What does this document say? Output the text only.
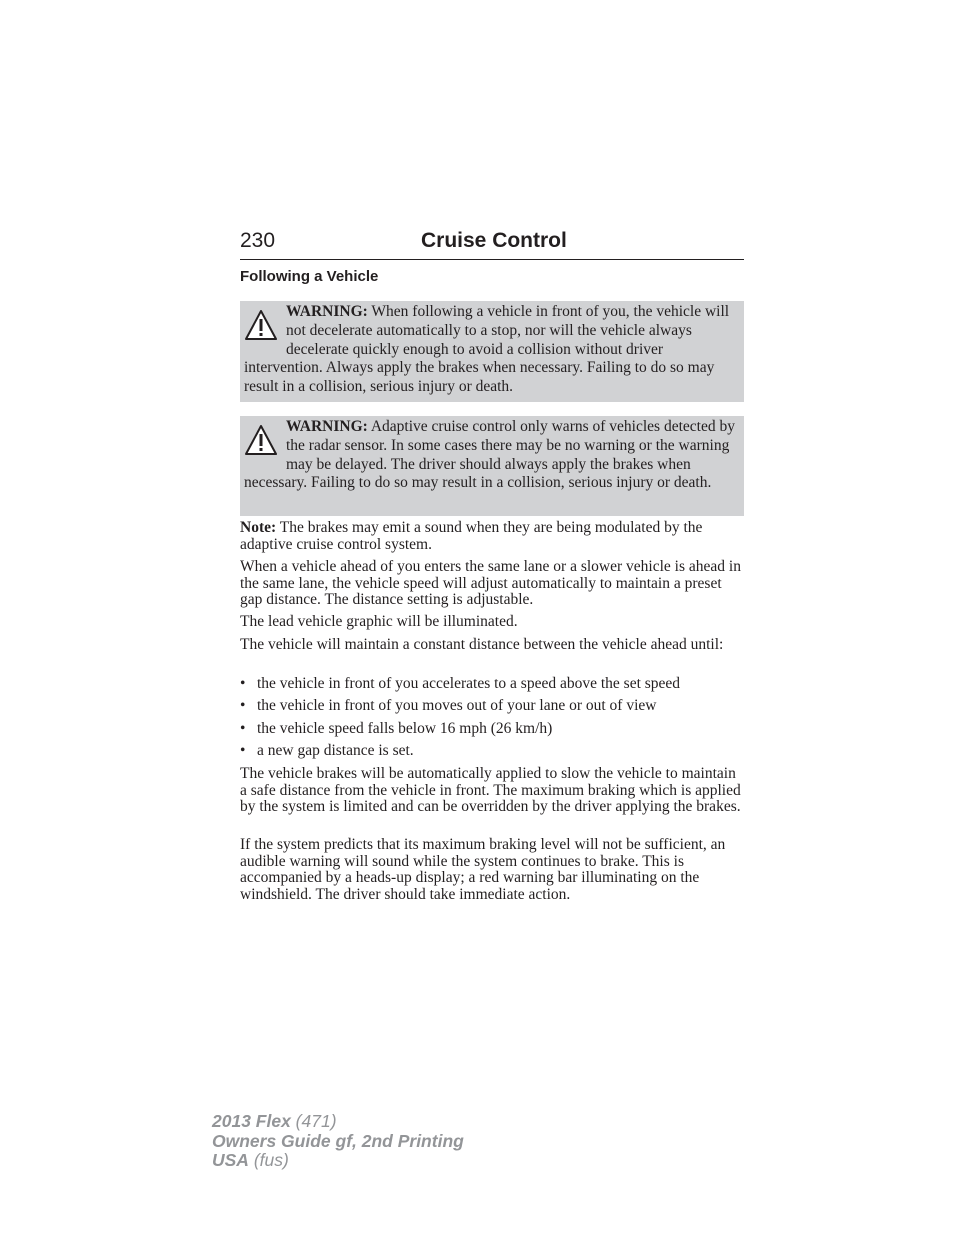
230	Cruise Control
Following a Vehicle

WARNING: When following a vehicle in front of you, the vehicle will not decelerate automatically to a stop, nor will the vehicle always decelerate quickly enough to avoid a collision without driver intervention. Always apply the brakes when necessary. Failing to do so may result in a collision, serious injury or death.

WARNING: Adaptive cruise control only warns of vehicles detected by the radar sensor. In some cases there may be no warning or the warning may be delayed. The driver should always apply the brakes when necessary. Failing to do so may result in a collision, serious injury or death.

Note: The brakes may emit a sound when they are being modulated by the adaptive cruise control system.

When a vehicle ahead of you enters the same lane or a slower vehicle is ahead in the same lane, the vehicle speed will adjust automatically to maintain a preset gap distance. The distance setting is adjustable.

The lead vehicle graphic will be illuminated.

The vehicle will maintain a constant distance between the vehicle ahead until:

• the vehicle in front of you accelerates to a speed above the set speed
• the vehicle in front of you moves out of your lane or out of view
• the vehicle speed falls below 16 mph (26 km/h)
• a new gap distance is set.

The vehicle brakes will be automatically applied to slow the vehicle to maintain a safe distance from the vehicle in front. The maximum braking which is applied by the system is limited and can be overridden by the driver applying the brakes.

If the system predicts that its maximum braking level will not be sufficient, an audible warning will sound while the system continues to brake. This is accompanied by a heads-up display; a red warning bar illuminating on the windshield. The driver should take immediate action.

2013 Flex (471)
Owners Guide gf, 2nd Printing
USA (fus)
